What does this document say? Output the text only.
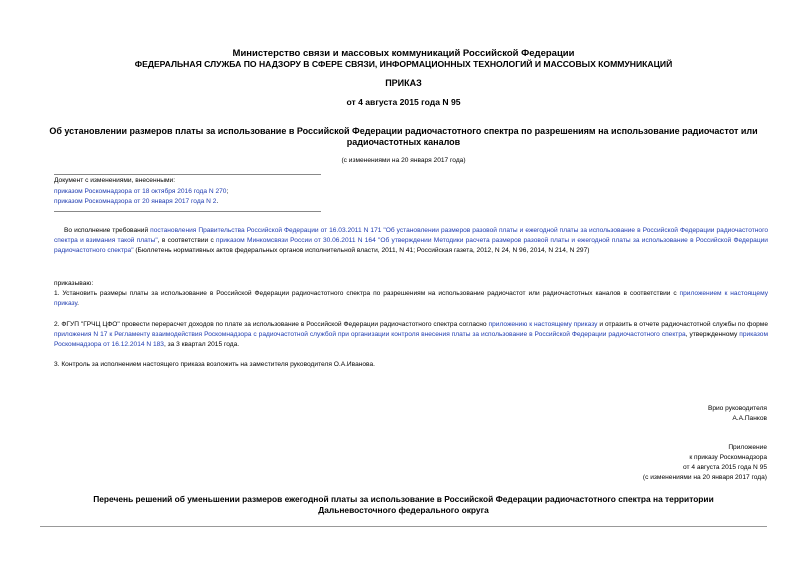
Министерство связи и массовых коммуникаций Российской Федерации
ФЕДЕРАЛЬНАЯ СЛУЖБА ПО НАДЗОРУ В СФЕРЕ СВЯЗИ, ИНФОРМАЦИОННЫХ ТЕХНОЛОГИЙ И МАССОВЫХ КОММУНИКАЦИЙ
ПРИКАЗ
от 4 августа 2015 года N 95
Об установлении размеров платы за использование в Российской Федерации радиочастотного спектра по разрешениям на использование радиочастот или
радиочастотных каналов
(с изменениями на 20 января 2017 года)
Документ с изменениями, внесенными:
приказом Роскомнадзора от 18 октября 2016 года N 270;
приказом Роскомнадзора от 20 января 2017 года N 2.
Во исполнение требований постановления Правительства Российской Федерации от 16.03.2011 N 171 "Об установлении размеров разовой платы и ежегодной платы за использование в Российской Федерации радиочастотного спектра и взимания такой платы", в соответствии с приказом Минкомсвязи России от 30.06.2011 N 164 "Об утверждении Методики расчета размеров разовой платы и ежегодной платы за использование в Российской Федерации радиочастотного спектра" (Бюллетень нормативных актов федеральных органов исполнительной власти, 2011, N 41; Российская газета, 2012, N 24, N 96, 2014, N 214, N 297)
приказываю:
1. Установить размеры платы за использование в Российской Федерации радиочастотного спектра по разрешениям на использование радиочастот или радиочастотных каналов в соответствии с приложением к настоящему приказу.
2. ФГУП "ГРЧЦ ЦФО" провести перерасчет доходов по плате за использование в Российской Федерации радиочастотного спектра согласно приложению к настоящему приказу и отразить в отчете радиочастотной службы по форме приложения N 17 к Регламенту взаимодействия Роскомнадзора с радиочастотной службой при организации контроля внесения платы за использование в Российской Федерации радиочастотного спектра, утвержденному приказом Роскомнадзора от 16.12.2014 N 183, за 3 квартал 2015 года.
3. Контроль за исполнением настоящего приказа возложить на заместителя руководителя О.А.Иванова.
Врио руководителя
А.А.Панков
Приложение
к приказу Роскомнадзора
от 4 августа 2015 года N 95
(с изменениями на 20 января 2017 года)
Перечень решений об уменьшении размеров ежегодной платы за использование в Российской Федерации радиочастотного спектра на территории
Дальневосточного федерального округа
